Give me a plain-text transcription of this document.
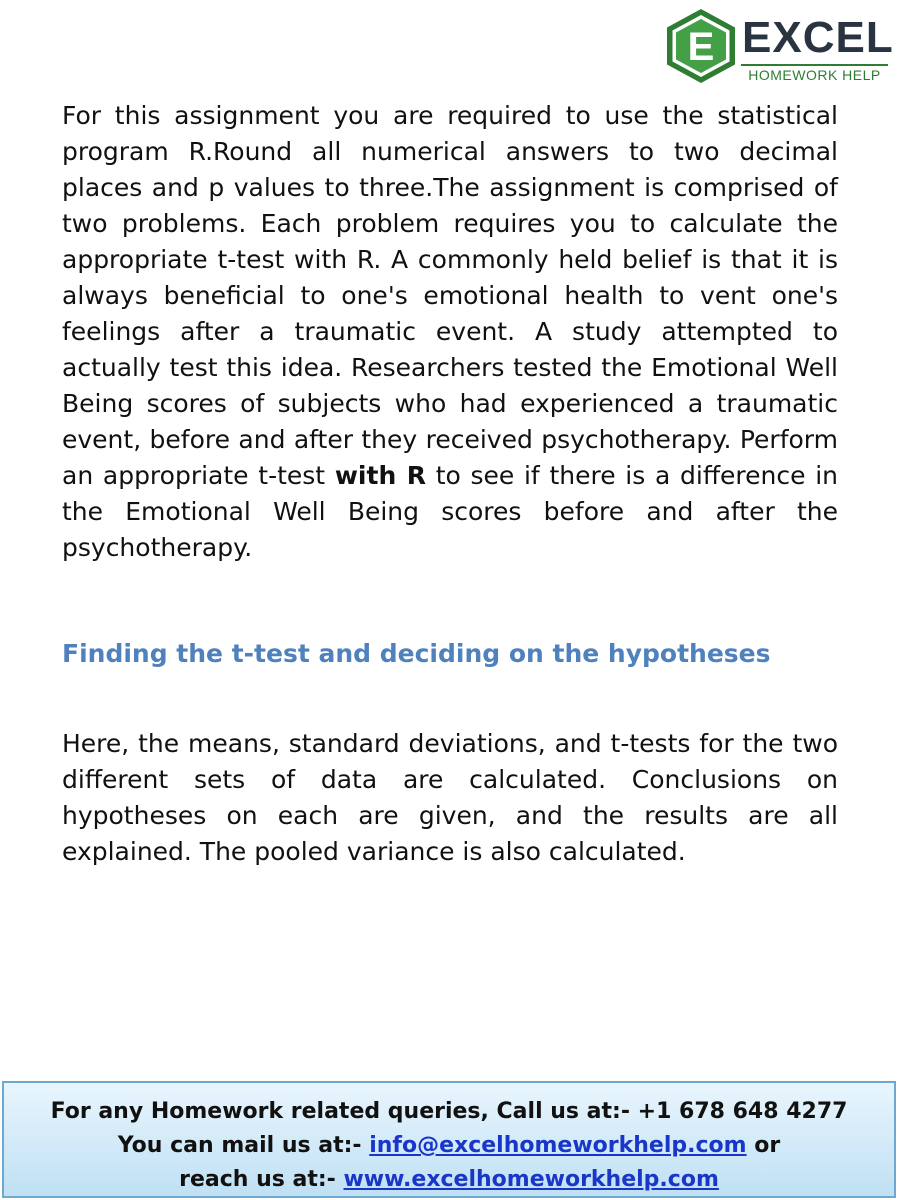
E EXCEL
HOMEWORK HELP

For this assignment you are required to use the statistical program R.Round all numerical answers to two decimal places and p values to three.The assignment is comprised of two problems. Each problem requires you to calculate the appropriate t-test with R. A commonly held belief is that it is always beneficial to one's emotional health to vent one's feelings after a traumatic event. A study attempted to actually test this idea. Researchers tested the Emotional Well Being scores of subjects who had experienced a traumatic event, before and after they received psychotherapy. Perform an appropriate t-test with R to see if there is a difference in the Emotional Well Being scores before and after the psychotherapy.

Finding the t-test and deciding on the hypotheses

Here, the means, standard deviations, and t-tests for the two different sets of data are calculated. Conclusions on hypotheses on each are given, and the results are all explained. The pooled variance is also calculated.

For any Homework related queries, Call us at:- +1 678 648 4277
You can mail us at:- info@excelhomeworkhelp.com or
reach us at:- www.excelhomeworkhelp.com
